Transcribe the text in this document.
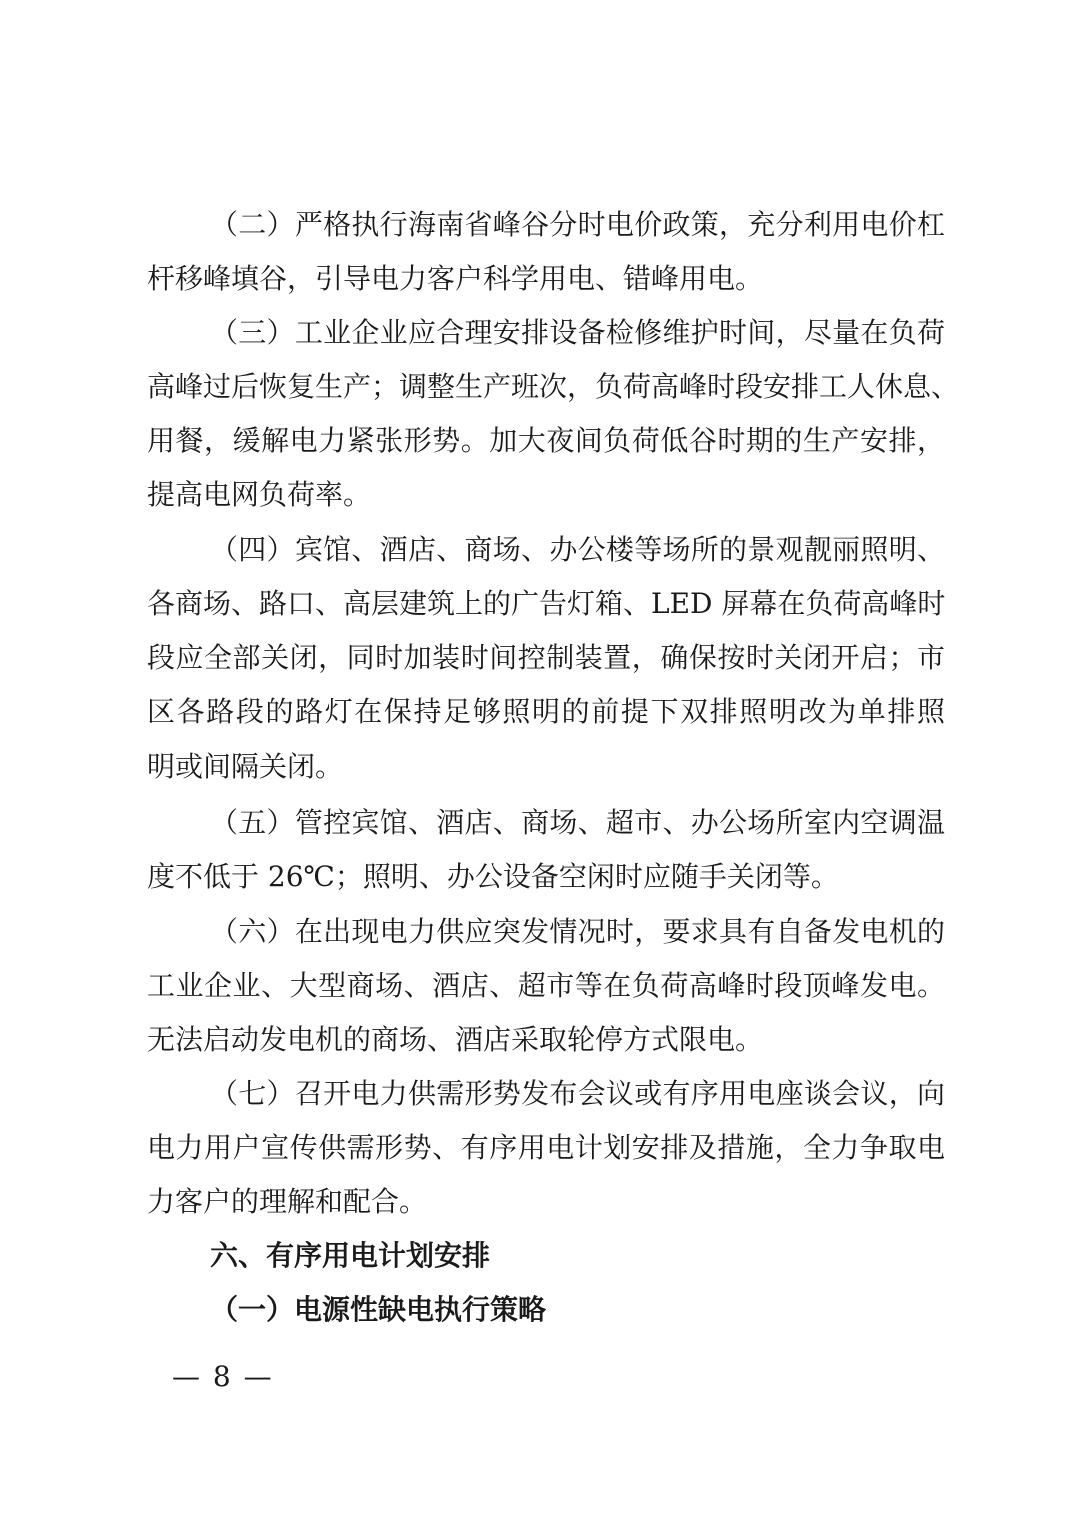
（二）严格执行海南省峰谷分时电价政策，充分利用电价杠
杆移峰填谷，引导电力客户科学用电、错峰用电。
（三）工业企业应合理安排设备检修维护时间，尽量在负荷
高峰过后恢复生产；调整生产班次，负荷高峰时段安排工人休息、
用餐，缓解电力紧张形势。加大夜间负荷低谷时期的生产安排，
提高电网负荷率。
（四）宾馆、酒店、商场、办公楼等场所的景观靓丽照明、
各商场、路口、高层建筑上的广告灯箱、LED 屏幕在负荷高峰时
段应全部关闭，同时加装时间控制装置，确保按时关闭开启；市
区各路段的路灯在保持足够照明的前提下双排照明改为单排照
明或间隔关闭。
（五）管控宾馆、酒店、商场、超市、办公场所室内空调温
度不低于 26℃；照明、办公设备空闲时应随手关闭等。
（六）在出现电力供应突发情况时，要求具有自备发电机的
工业企业、大型商场、酒店、超市等在负荷高峰时段顶峰发电。
无法启动发电机的商场、酒店采取轮停方式限电。
（七）召开电力供需形势发布会议或有序用电座谈会议，向
电力用户宣传供需形势、有序用电计划安排及措施，全力争取电
力客户的理解和配合。
六、有序用电计划安排
（一）电源性缺电执行策略
— 8 —
